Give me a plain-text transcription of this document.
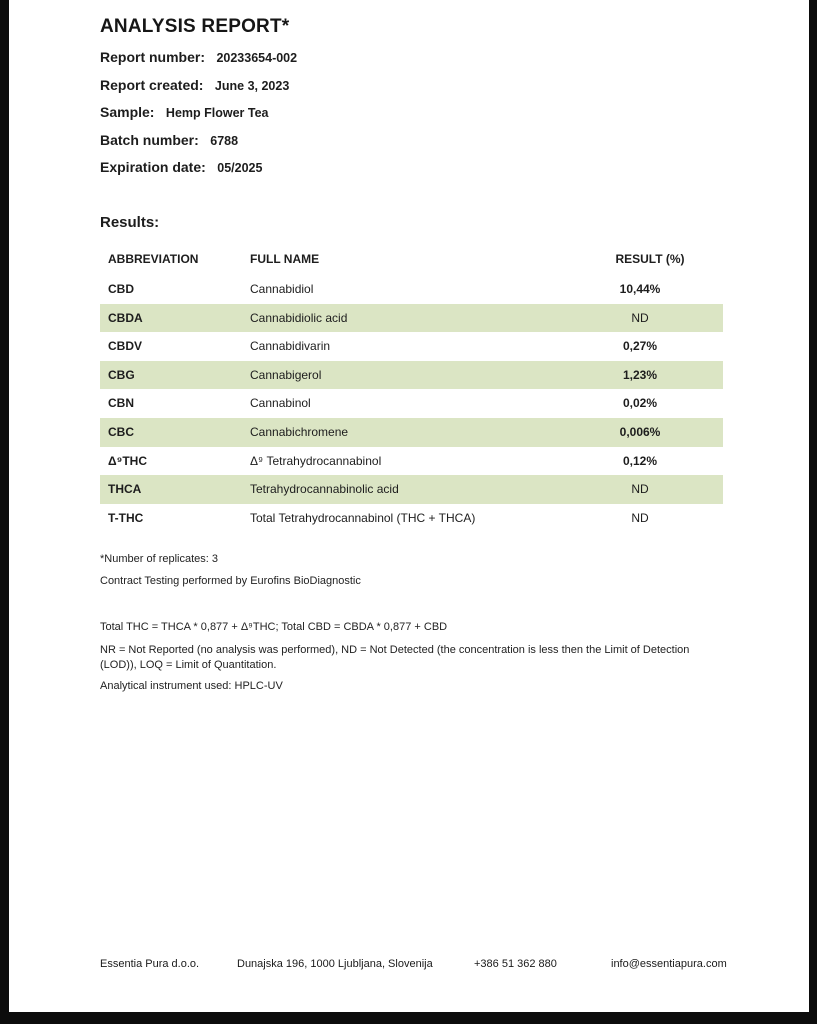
ANALYSIS REPORT*
Report number: 20233654-002
Report created: June 3, 2023
Sample: Hemp Flower Tea
Batch number: 6788
Expiration date: 05/2025
Results:
ABBREVIATION	FULL NAME	RESULT (%)
CBD	Cannabidiol	10,44%
CBDA	Cannabidiolic acid	ND
CBDV	Cannabidivarin	0,27%
CBG	Cannabigerol	1,23%
CBN	Cannabinol	0,02%
CBC	Cannabichromene	0,006%
Δ⁹THC	Δ⁹ Tetrahydrocannabinol	0,12%
THCA	Tetrahydrocannabinolic acid	ND
T-THC	Total Tetrahydrocannabinol (THC + THCA)	ND
*Number of replicates: 3
Contract Testing performed by Eurofins BioDiagnostic
Total THC = THCA * 0,877 + Δ⁹THC; Total CBD = CBDA * 0,877 + CBD
NR = Not Reported (no analysis was performed), ND = Not Detected (the concentration is less then the Limit of Detection (LOD)), LOQ = Limit of Quantitation.
Analytical instrument used: HPLC-UV
Essentia Pura d.o.o.	Dunajska 196, 1000 Ljubljana, Slovenija	+386 51 362 880	info@essentiapura.com
